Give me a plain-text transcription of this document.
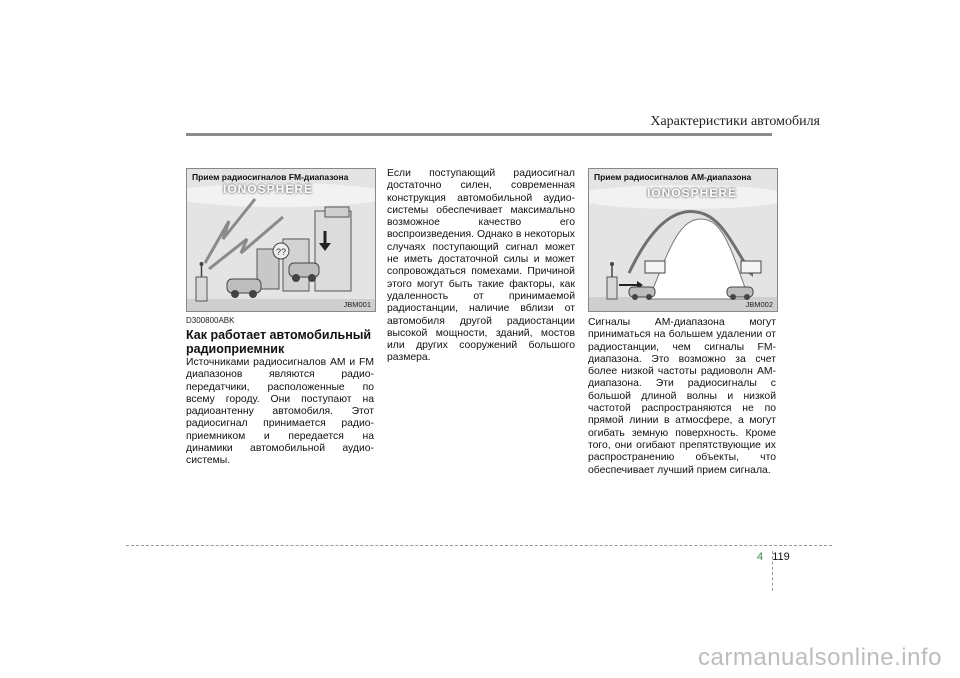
Характеристики автомобиля
Прием радиосигналов FM-диапазона
IONOSPHERE
??
JBM001
Прием радиосигналов AM-диапазона
IONOSPHERE
JBM002
D300800ABK
Как работает автомобильный радиоприемник
Источниками радиосигналов AM и FM диапазонов являются радио- передатчики, расположенные по всему городу. Они поступают на радиоантенну автомобиля. Этот радиосигнал принимается радио- приемником и передается на динамики автомобильной аудио- системы.
Если поступающий радиосигнал достаточно силен, современная конструкция автомобильной аудио- системы обеспечивает максимально возможное качество его воспроизведения. Однако в некоторых случаях поступающий сигнал может не иметь достаточной силы и может сопровождаться помехами. Причиной этого могут быть такие факторы, как удаленность от принимаемой радиостанции, наличие вблизи от автомобиля другой радиостанции высокой мощности, зданий, мостов или других сооружений большого размера.
Сигналы AM-диапазона могут приниматься на большем удалении от радиостанции, чем сигналы FM- диапазона. Это возможно за счет более низкой частоты радиоволн AM- диапазона. Эти радиосигналы с большой длиной волны и низкой частотой распространяются не по прямой линии в атмосфере, а могут огибать земную поверхность. Кроме того, они огибают препятствующие их распространению объекты, что обеспечивает лучший прием сигнала.
4 119
carmanualsonline.info
